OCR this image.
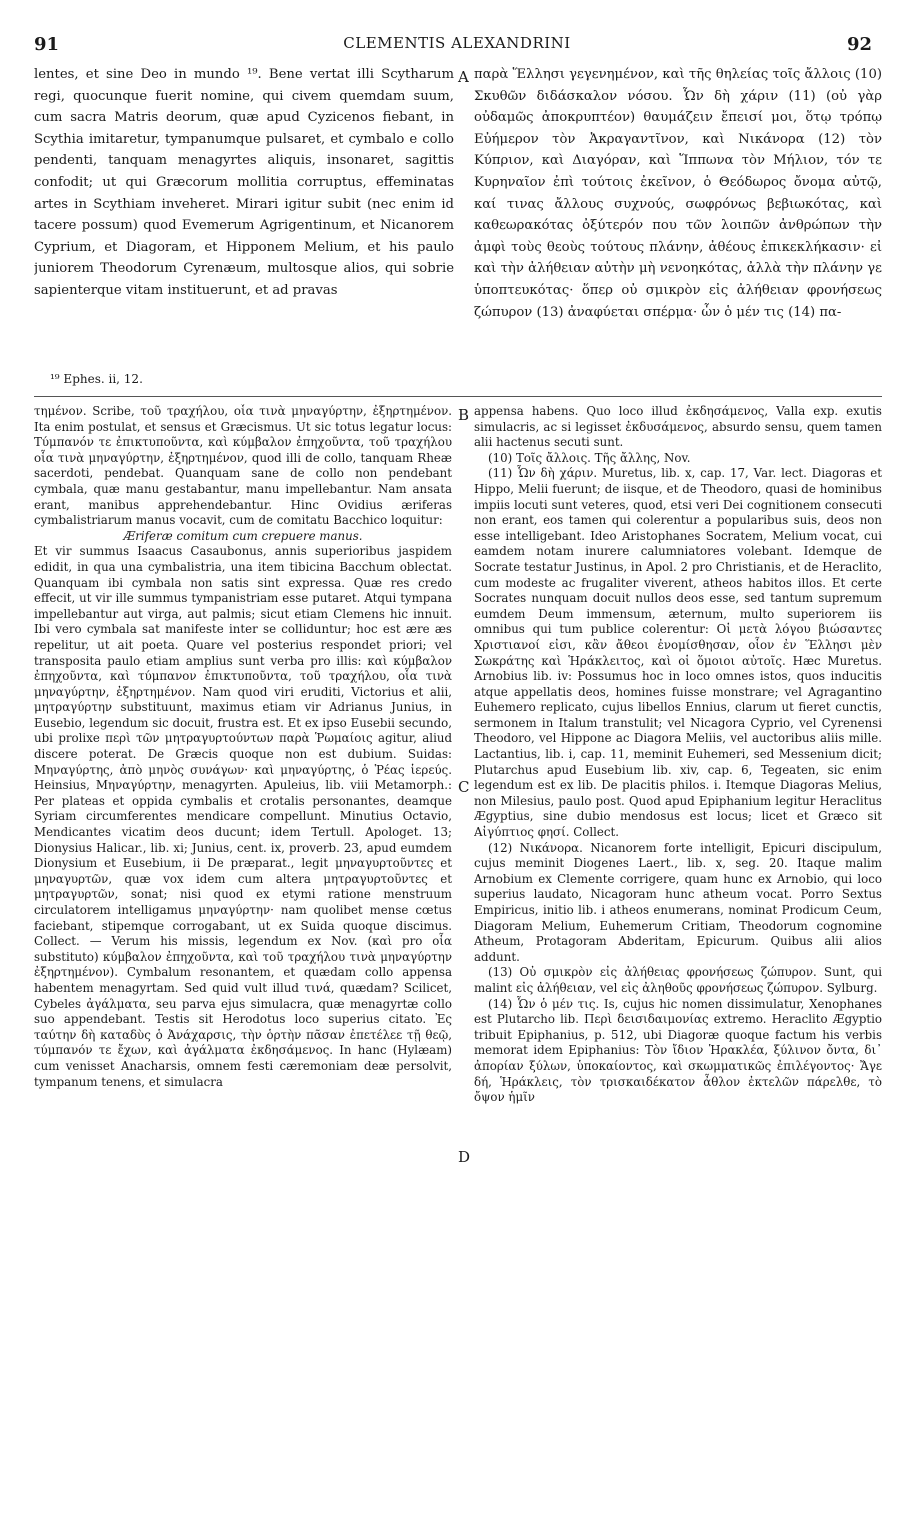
91	CLEMENTIS ALEXANDRINI	92

lentes, et sine Deo in mundo ¹⁹. Bene vertat illi Scytharum regi, quocunque fuerit nomine, qui civem quemdam suum, cum sacra Matris deorum, quæ apud Cyzicenos fiebant, in Scythia imitaretur, tympanumque pulsaret, et cymbalo e collo pendenti, tanquam menagyrtes aliquis, insonaret, sagittis confodit; ut qui Græcorum mollitia corruptus, effeminatas artes in Scythiam inveheret. Mirari igitur subit (nec enim id tacere possum) quod Evemerum Agrigentinum, et Nicanorem Cyprium, et Diagoram, et Hipponem Melium, et his paulo juniorem Theodorum Cyrenæum, multosque alios, qui sobrie sapienterque vitam instituerunt, et ad pravas

A παρὰ Ἕλλησι γεγενημένον, καὶ τῆς θηλείας τοῖς ἄλλοις (10) Σκυθῶν διδάσκαλον νόσου. Ὧν δὴ χάριν (11) (οὐ γὰρ οὐδαμῶς ἀποκρυπτέον) θαυμάζειν ἔπεισί μοι, ὅτῳ τρόπῳ Εὐήμερον τὸν Ἀκραγαντῖνον, καὶ Νικάνορα (12) τὸν Κύπριον, καὶ Διαγόραν, καὶ Ἵππωνα τὸν Μήλιον, τόν τε Κυρηναῖον ἐπὶ τούτοις ἐκεῖνον, ὁ Θεόδωρος ὄνομα αὐτῷ, καί τινας ἄλλους συχνούς, σωφρόνως βεβιωκότας, καὶ καθεωρακότας ὀξύτερόν που τῶν λοιπῶν ἀνθρώπων τὴν ἀμφὶ τοὺς θεοὺς τούτους πλάνην, ἀθέους ἐπικεκλήκασιν· εἰ καὶ τὴν ἀλήθειαν αὐτὴν μὴ νενοηκότας, ἀλλὰ τὴν πλάνην γε ὑποπτευκότας· ὅπερ οὐ σμικρὸν εἰς ἀλήθειαν φρονήσεως ζώπυρον (13) ἀναφύεται σπέρμα· ὧν ὁ μέν τις (14) πα-

¹⁹ Ephes. ii, 12.

τημένον. Scribe, τοῦ τραχήλου, οἷα τινὰ μηναγύρτην, ἐξηρτημένον. Ita enim postulat, et sensus et Græcismus. Ut sic totus legatur locus: Τύμπανόν τε ἐπικτυποῦντα, καὶ κύμβαλον ἐπηχοῦντα, τοῦ τραχήλου οἷα τινὰ μηναγύρτην, ἐξηρτημένον, quod illi de collo, tanquam Rheæ sacerdoti, pendebat. Quanquam sane de collo non pendebant cymbala, quæ manu gestabantur, manu impellebantur. Nam ansata erant, manibus apprehendebantur. Hinc Ovidius æriferas cymbalistriarum manus vocavit, cum de comitatu Bacchico loquitur:

Æriferæ comitum cum crepuere manus.

Et vir summus Isaacus Casaubonus, annis superioribus jaspidem edidit, in qua una cymbalistria, una item tibicina Bacchum oblectat. Quanquam ibi cymbala non satis sint expressa. Quæ res credo effecit, ut vir ille summus tympanistriam esse putaret. Atqui tympana impellebantur aut virga, aut palmis; sicut etiam Clemens hic innuit. Ibi vero cymbala sat manifeste inter se colliduntur; hoc est ære æs repelitur, ut ait poeta. Quare vel posterius respondet priori; vel transposita paulo etiam amplius sunt verba pro illis: καὶ κύμβαλον ἐπηχοῦντα, καὶ τύμπανον ἐπικτυποῦντα, τοῦ τραχήλου, οἷα τινὰ μηναγύρτην, ἐξηρτημένον. Nam quod viri eruditi, Victorius et alii, μητραγύρτην substituunt, maximus etiam vir Adrianus Junius, in Eusebio, legendum sic docuit, frustra est. Et ex ipso Eusebii secundo, ubi prolixe περὶ τῶν μητραγυρτούντων παρὰ Ῥωμαίοις agitur, aliud discere poterat. De Græcis quoque non est dubium. Suidas: Μηναγύρτης, ἀπὸ μηνὸς συνάγων· καὶ μηναγύρτης, ὁ Ῥέας ἱερεύς. Heinsius, Μηναγύρτην, menagyrten. Apuleius, lib. viii Metamorph.: Per plateas et oppida cymbalis et crotalis personantes, deamque Syriam circumferentes mendicare compellunt. Minutius Octavio, Mendicantes vicatim deos ducunt; idem Tertull. Apologet. 13; Dionysius Halicar., lib. xi; Junius, cent. ix, proverb. 23, apud eumdem Dionysium et Eusebium, ii De præparat., legit μηναγυρτοῦντες et μηναγυρτῶν, quæ vox idem cum altera μητραγυρτοῦντες et μητραγυρτῶν, sonat; nisi quod ex etymi ratione menstruum circulatorem intelligamus μηναγύρτην· nam quolibet mense cœtus faciebant, stipemque corrogabant, ut ex Suida quoque discimus. Collect. — Verum his missis, legendum ex Nov. (καὶ pro οἷα substituto) κύμβαλον ἐπηχοῦντα, καὶ τοῦ τραχήλου τινὰ μηναγύρτην ἐξηρτημένον). Cymbalum resonantem, et quædam collo appensa habentem menagyrtam. Sed quid vult illud τινά, quædam? Scilicet, Cybeles ἀγάλματα, seu parva ejus simulacra, quæ menagyrtæ collo suo appendebant. Testis sit Herodotus loco superius citato. Ἐς ταύτην δὴ καταδὺς ὁ Ἀνάχαρσις, τὴν ὁρτὴν πᾶσαν ἐπετέλεε τῇ θεῷ, τύμπανόν τε ἔχων, καὶ ἀγάλματα ἐκδησάμενος. In hanc (Hylæam) cum venisset Anacharsis, omnem festi cæremoniam deæ persolvit, tympanum tenens, et simulacra

B
C
D

appensa habens. Quo loco illud ἐκδησάμενος, Valla exp. exutis simulacris, ac si legisset ἐκδυσάμενος, absurdo sensu, quem tamen alii hactenus secuti sunt.

(10) Τοῖς ἄλλοις. Τῆς ἄλλης, Nov.

(11) Ὧν δὴ χάριν. Muretus, lib. x, cap. 17, Var. lect. Diagoras et Hippo, Melii fuerunt; de iisque, et de Theodoro, quasi de hominibus impiis locuti sunt veteres, quod, etsi veri Dei cognitionem consecuti non erant, eos tamen qui colerentur a popularibus suis, deos non esse intelligebant. Ideo Aristophanes Socratem, Melium vocat, cui eamdem notam inurere calumniatores volebant. Idemque de Socrate testatur Justinus, in Apol. 2 pro Christianis, et de Heraclito, cum modeste ac frugaliter viverent, atheos habitos illos. Et certe Socrates nunquam docuit nullos deos esse, sed tantum supremum eumdem Deum immensum, æternum, multo superiorem iis omnibus qui tum publice colerentur: Οἱ μετὰ λόγου βιώσαντες Χριστιανοί εἰσι, κἂν ἄθεοι ἐνομίσθησαν, οἷον ἐν Ἕλλησι μὲν Σωκράτης καὶ Ἡράκλειτος, καὶ οἱ ὅμοιοι αὐτοῖς. Hæc Muretus. Arnobius lib. iv: Possumus hoc in loco omnes istos, quos inducitis atque appellatis deos, homines fuisse monstrare; vel Agragantino Euhemero replicato, cujus libellos Ennius, clarum ut fieret cunctis, sermonem in Italum transtulit; vel Nicagora Cyprio, vel Cyrenensi Theodoro, vel Hippone ac Diagora Meliis, vel auctoribus aliis mille. Lactantius, lib. i, cap. 11, meminit Euhemeri, sed Messenium dicit; Plutarchus apud Eusebium lib. xiv, cap. 6, Tegeaten, sic enim legendum est ex lib. De placitis philos. i. Itemque Diagoras Melius, non Milesius, paulo post. Quod apud Epiphanium legitur Heraclitus Ægyptius, sine dubio mendosus est locus; licet et Græco sit Αἰγύπτιος φησί. Collect.

(12) Νικάνορα. Nicanorem forte intelligit, Epicuri discipulum, cujus meminit Diogenes Laert., lib. x, seg. 20. Itaque malim Arnobium ex Clemente corrigere, quam hunc ex Arnobio, qui loco superius laudato, Nicagoram hunc atheum vocat. Porro Sextus Empiricus, initio lib. i atheos enumerans, nominat Prodicum Ceum, Diagoram Melium, Euhemerum Critiam, Theodorum cognomine Atheum, Protagoram Abderitam, Epicurum. Quibus alii alios addunt.

(13) Οὐ σμικρὸν εἰς ἀλήθειας φρονήσεως ζώπυρον. Sunt, qui malint εἰς ἀλήθειαν, vel εἰς ἀληθοῦς φρονήσεως ζώπυρον. Sylburg.

(14) Ὧν ὁ μέν τις. Is, cujus hic nomen dissimulatur, Xenophanes est Plutarcho lib. Περὶ δεισιδαιμονίας extremo. Heraclito Ægyptio tribuit Epiphanius, p. 512, ubi Diagoræ quoque factum his verbis memorat idem Epiphanius: Τὸν ἴδιον Ἡρακλέα, ξύλινον ὄντα, δι᾽ ἀπορίαν ξύλων, ὑποκαίοντος, καὶ σκωμματικῶς ἐπιλέγοντος· Ἄγε δή, Ἡράκλεις, τὸν τρισκαιδέκατον ἆθλον ἐκτελῶν πάρελθε, τὸ ὄψον ἡμῖν
